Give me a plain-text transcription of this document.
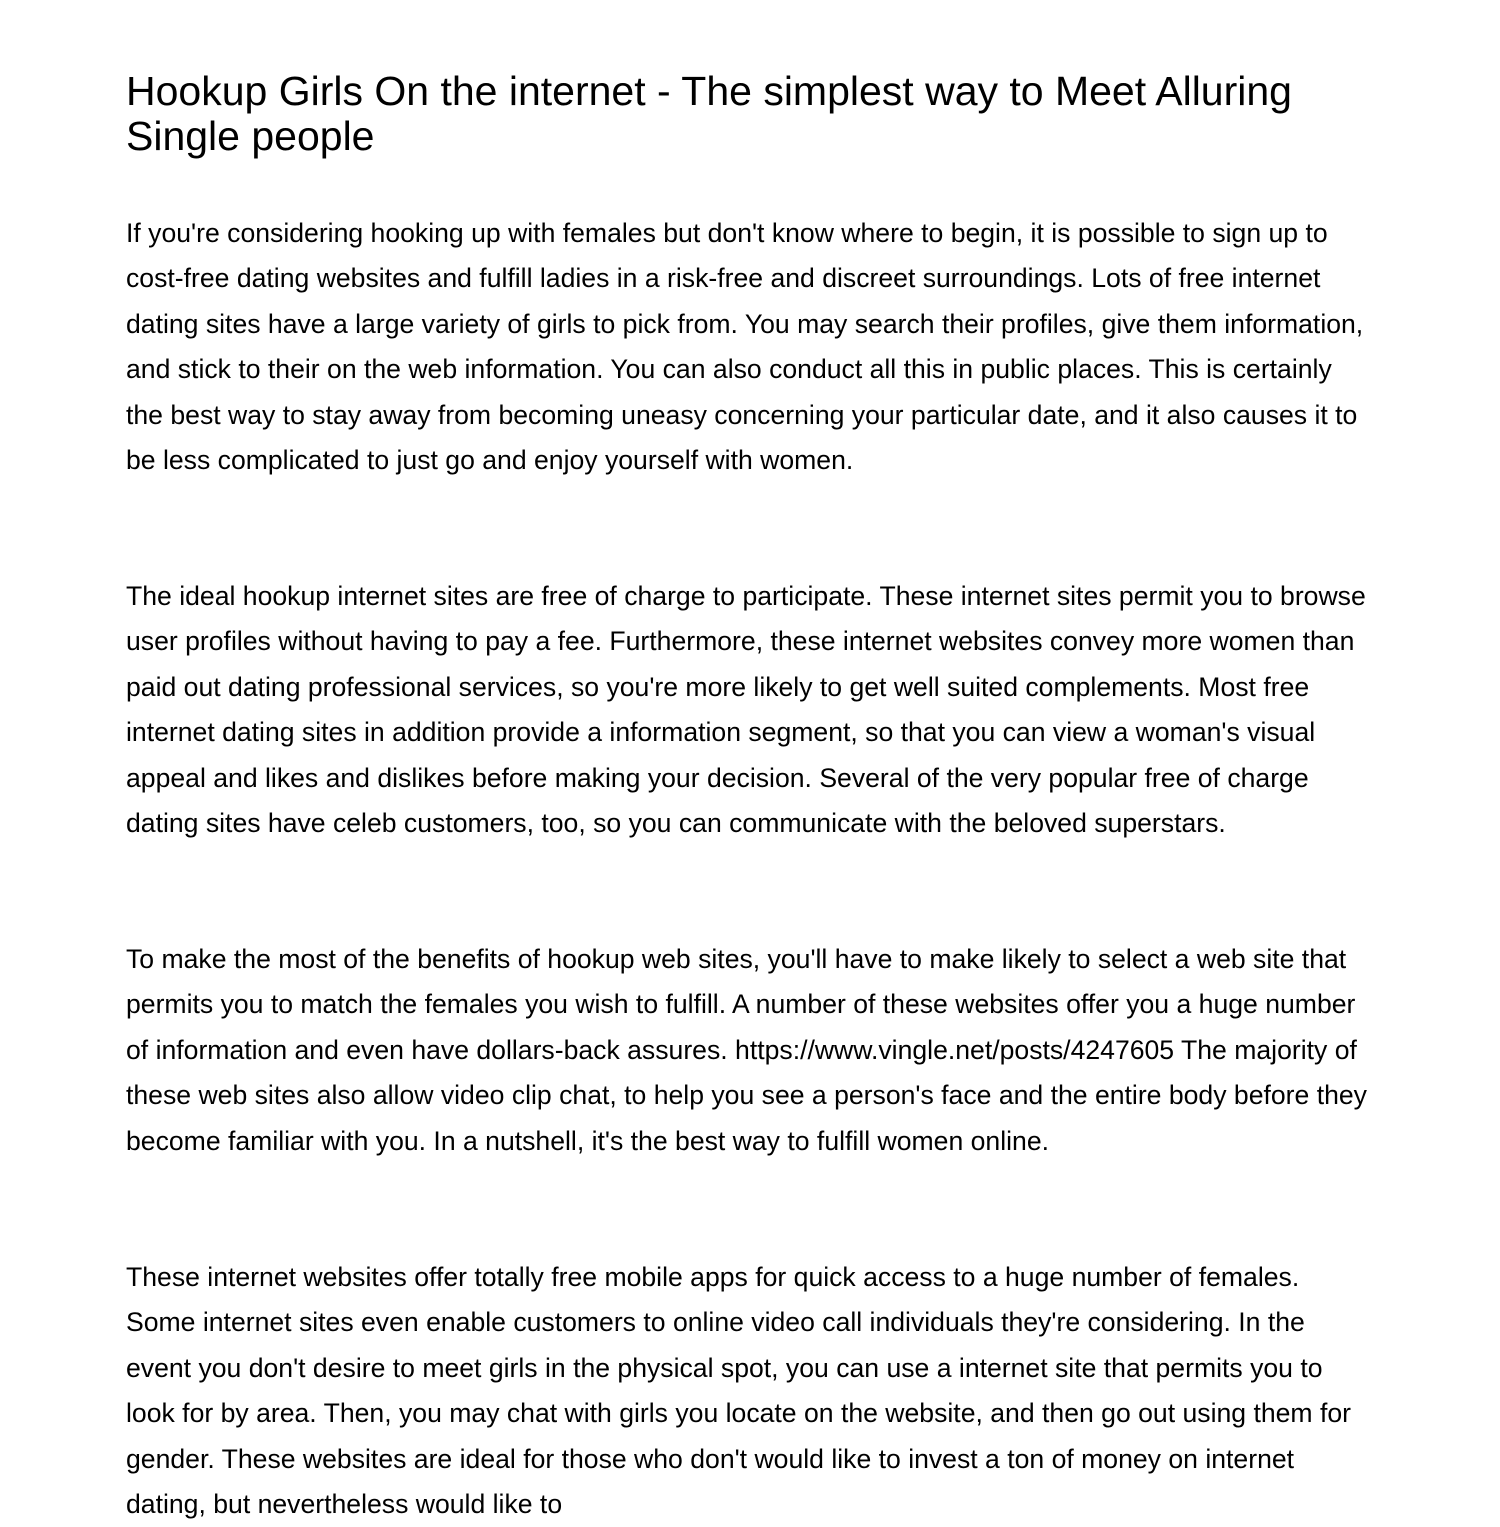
Hookup Girls On the internet - The simplest way to Meet Alluring Single people

If you're considering hooking up with females but don't know where to begin, it is possible to sign up to cost-free dating websites and fulfill ladies in a risk-free and discreet surroundings. Lots of free internet dating sites have a large variety of girls to pick from. You may search their profiles, give them information, and stick to their on the web information. You can also conduct all this in public places. This is certainly the best way to stay away from becoming uneasy concerning your particular date, and it also causes it to be less complicated to just go and enjoy yourself with women.

The ideal hookup internet sites are free of charge to participate. These internet sites permit you to browse user profiles without having to pay a fee. Furthermore, these internet websites convey more women than paid out dating professional services, so you're more likely to get well suited complements. Most free internet dating sites in addition provide a information segment, so that you can view a woman's visual appeal and likes and dislikes before making your decision. Several of the very popular free of charge dating sites have celeb customers, too, so you can communicate with the beloved superstars.

To make the most of the benefits of hookup web sites, you'll have to make likely to select a web site that permits you to match the females you wish to fulfill. A number of these websites offer you a huge number of information and even have dollars-back assures. https://www.vingle.net/posts/4247605 The majority of these web sites also allow video clip chat, to help you see a person's face and the entire body before they become familiar with you. In a nutshell, it's the best way to fulfill women online.

These internet websites offer totally free mobile apps for quick access to a huge number of females. Some internet sites even enable customers to online video call individuals they're considering. In the event you don't desire to meet girls in the physical spot, you can use a internet site that permits you to look for by area. Then, you may chat with girls you locate on the website, and then go out using them for gender. These websites are ideal for those who don't would like to invest a ton of money on internet dating, but nevertheless would like to
